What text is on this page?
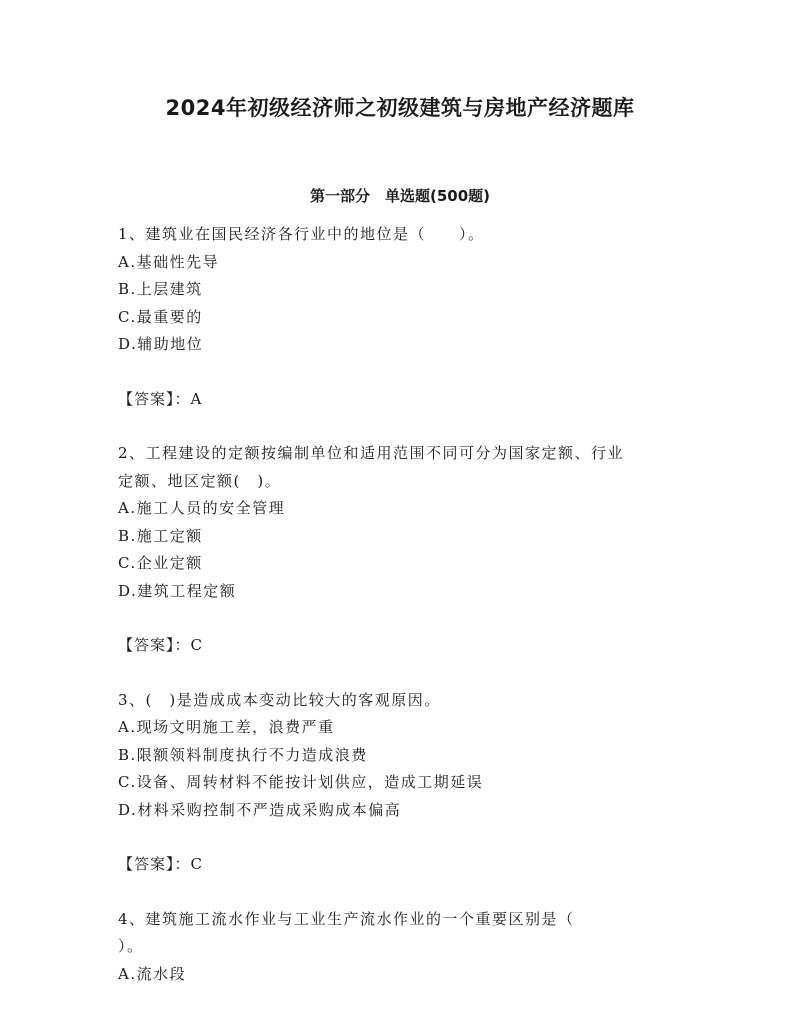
2024年初级经济师之初级建筑与房地产经济题库
第一部分　单选题(500题)

1、建筑业在国民经济各行业中的地位是（　　）。

A.基础性先导

B.上层建筑

C.最重要的

D.辅助地位

【答案】：A

2、工程建设的定额按编制单位和适用范围不同可分为国家定额、行业

定额、地区定额(　)。

A.施工人员的安全管理

B.施工定额

C.企业定额

D.建筑工程定额

【答案】：C

3、(　)是造成成本变动比较大的客观原因。

A.现场文明施工差，浪费严重

B.限额领料制度执行不力造成浪费

C.设备、周转材料不能按计划供应，造成工期延误

D.材料采购控制不严造成采购成本偏高

【答案】：C

4、建筑施工流水作业与工业生产流水作业的一个重要区别是（

）。

A.流水段
